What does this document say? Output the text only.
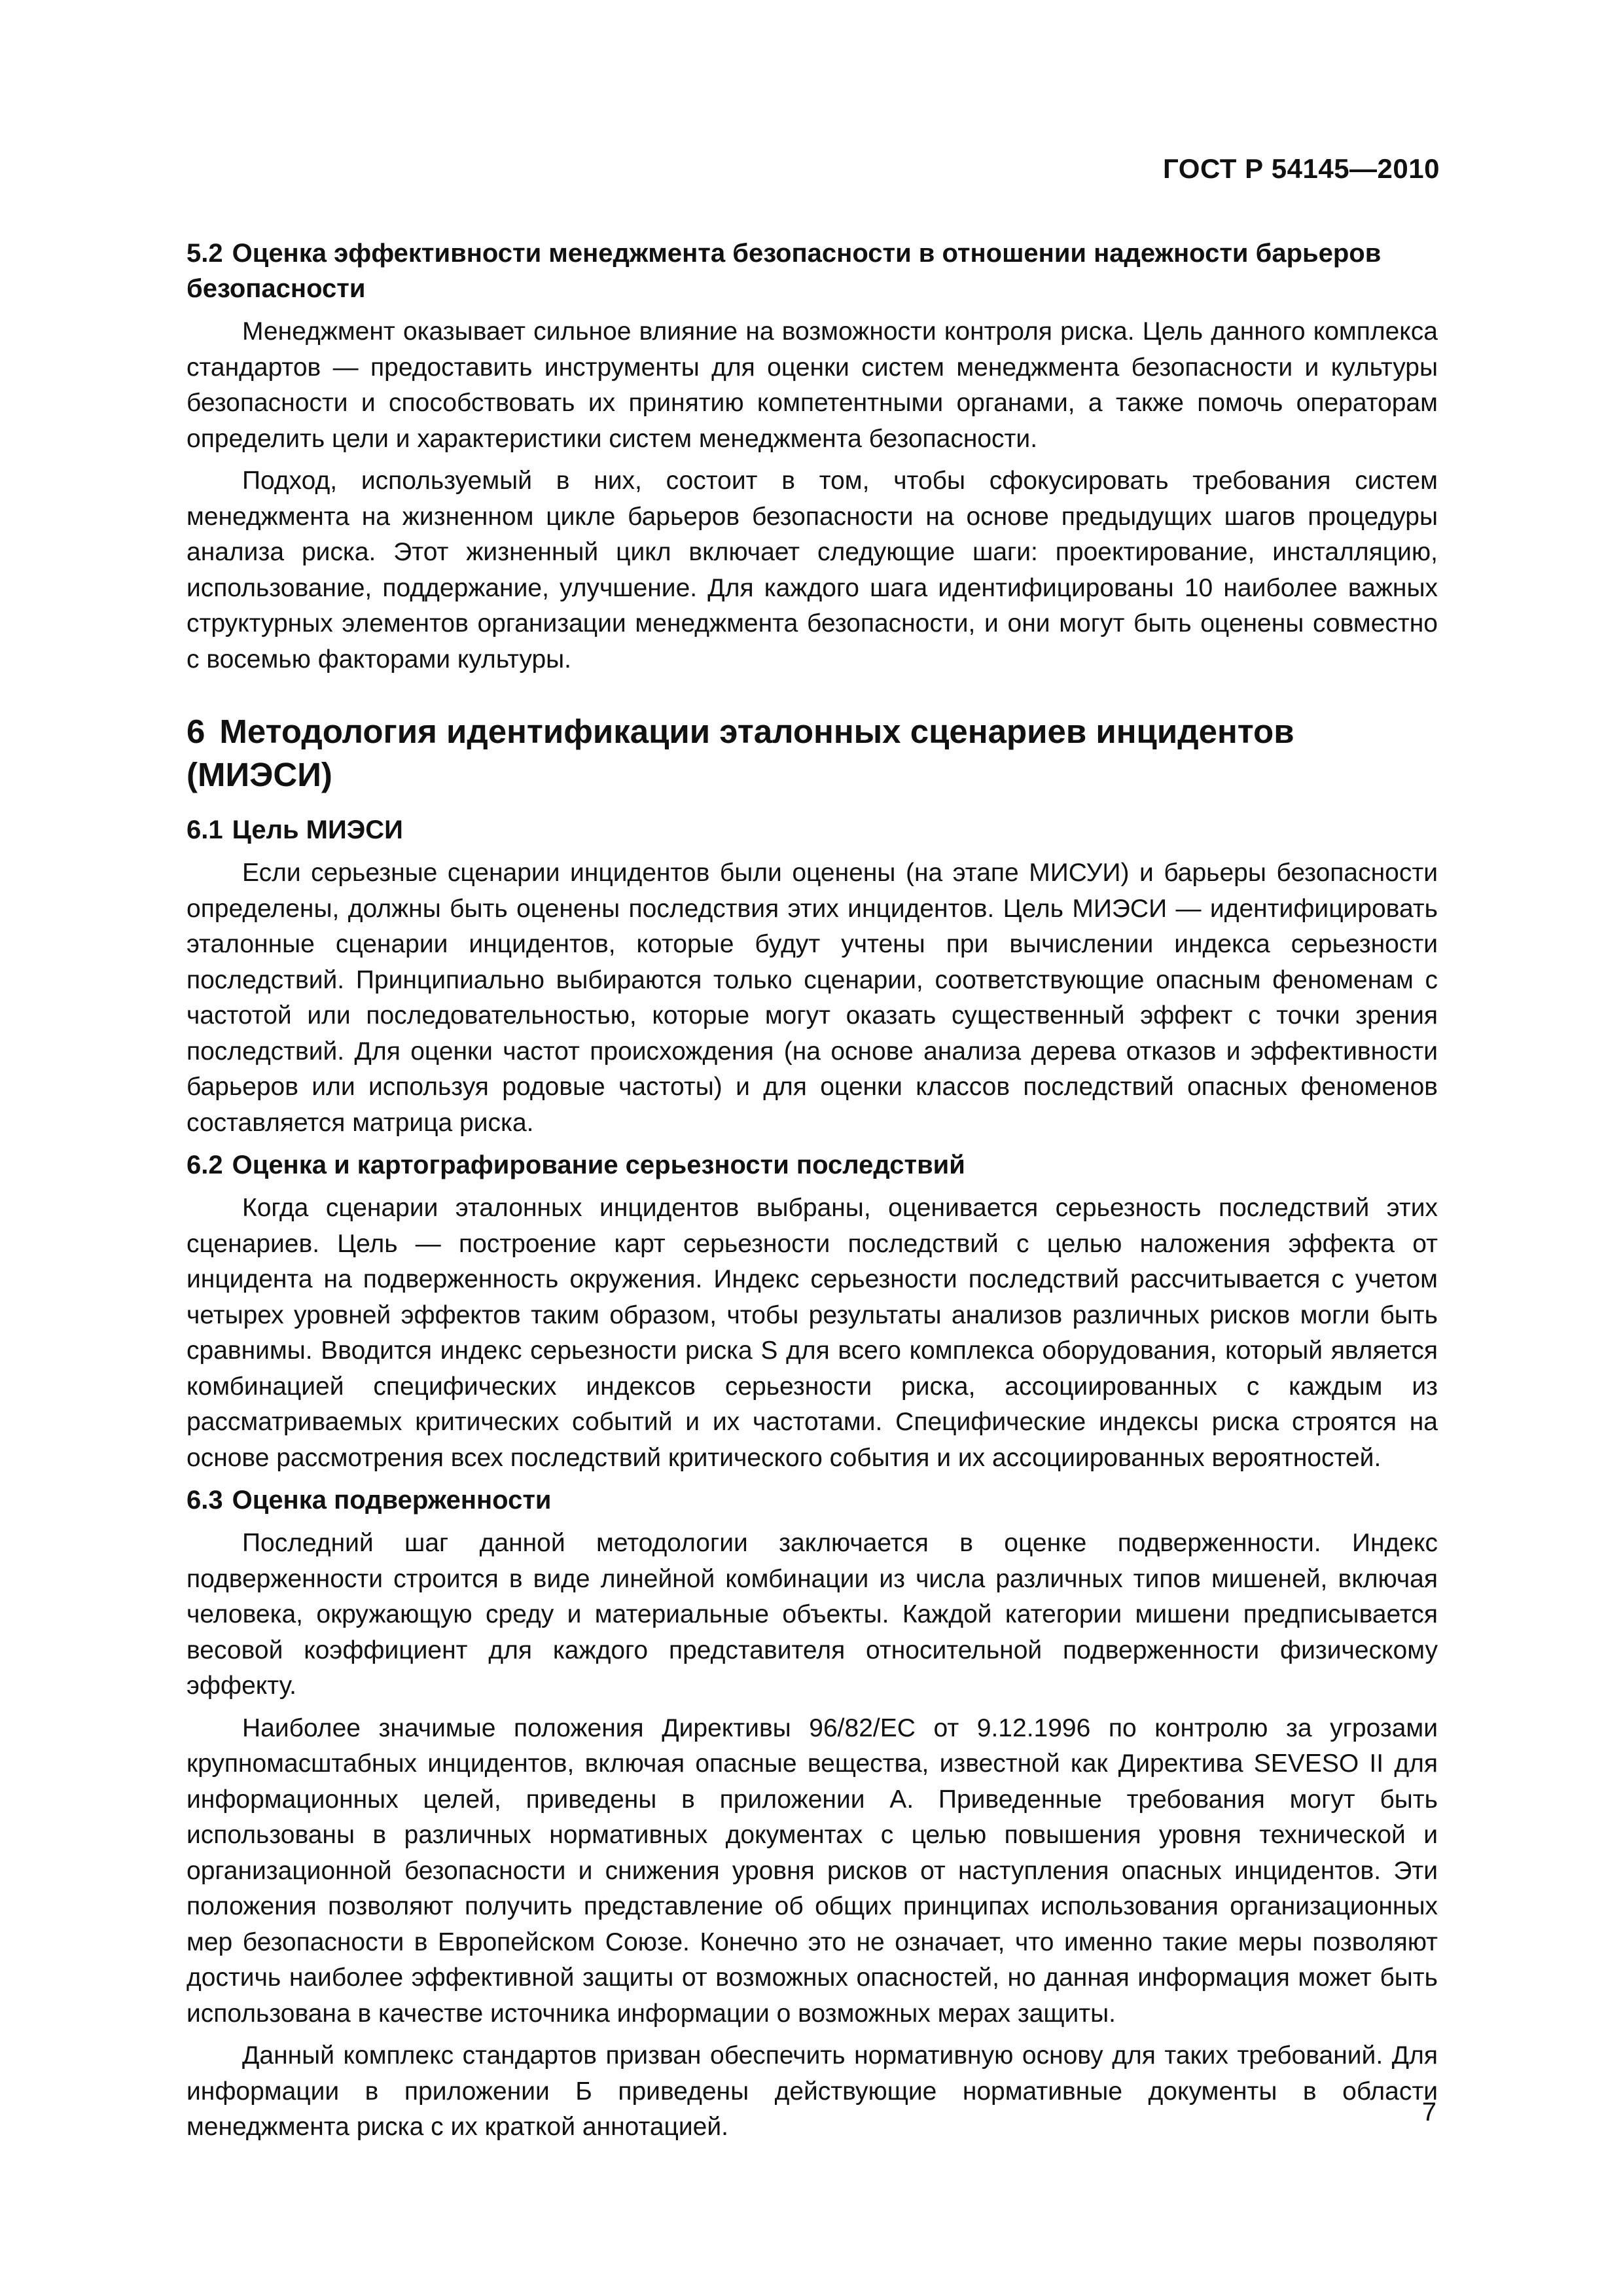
ГОСТ Р 54145—2010
5.2 Оценка эффективности менеджмента безопасности в отношении надежности барьеров безопасности

Менеджмент оказывает сильное влияние на возможности контроля риска. Цель данного комплекса стандартов — предоставить инструменты для оценки систем менеджмента безопасности и культуры безопасности и способствовать их принятию компетентными органами, а также помочь операторам определить цели и характеристики систем менеджмента безопасности.

Подход, используемый в них, состоит в том, чтобы сфокусировать требования систем менеджмента на жизненном цикле барьеров безопасности на основе предыдущих шагов процедуры анализа риска. Этот жизненный цикл включает следующие шаги: проектирование, инсталляцию, использование, поддержание, улучшение. Для каждого шага идентифицированы 10 наиболее важных структурных элементов организации менеджмента безопасности, и они могут быть оценены совместно с восемью факторами культуры.

6 Методология идентификации эталонных сценариев инцидентов (МИЭСИ)
6.1 Цель МИЭСИ

Если серьезные сценарии инцидентов были оценены (на этапе МИСУИ) и барьеры безопасности определены, должны быть оценены последствия этих инцидентов. Цель МИЭСИ — идентифицировать эталонные сценарии инцидентов, которые будут учтены при вычислении индекса серьезности последствий. Принципиально выбираются только сценарии, соответствующие опасным феноменам с частотой или последовательностью, которые могут оказать существенный эффект с точки зрения последствий. Для оценки частот происхождения (на основе анализа дерева отказов и эффективности барьеров или используя родовые частоты) и для оценки классов последствий опасных феноменов составляется матрица риска.

6.2 Оценка и картографирование серьезности последствий

Когда сценарии эталонных инцидентов выбраны, оценивается серьезность последствий этих сценариев. Цель — построение карт серьезности последствий с целью наложения эффекта от инцидента на подверженность окружения. Индекс серьезности последствий рассчитывается с учетом четырех уровней эффектов таким образом, чтобы результаты анализов различных рисков могли быть сравнимы. Вводится индекс серьезности риска S для всего комплекса оборудования, который является комбинацией специфических индексов серьезности риска, ассоциированных с каждым из рассматриваемых критических событий и их частотами. Специфические индексы риска строятся на основе рассмотрения всех последствий критического события и их ассоциированных вероятностей.

6.3 Оценка подверженности

Последний шаг данной методологии заключается в оценке подверженности. Индекс подверженности строится в виде линейной комбинации из числа различных типов мишеней, включая человека, окружающую среду и материальные объекты. Каждой категории мишени предписывается весовой коэффициент для каждого представителя относительной подверженности физическому эффекту.

Наиболее значимые положения Директивы 96/82/ЕС от 9.12.1996 по контролю за угрозами крупномасштабных инцидентов, включая опасные вещества, известной как Директива SEVESO II для информационных целей, приведены в приложении А. Приведенные требования могут быть использованы в различных нормативных документах с целью повышения уровня технической и организационной безопасности и снижения уровня рисков от наступления опасных инцидентов. Эти положения позволяют получить представление об общих принципах использования организационных мер безопасности в Европейском Союзе. Конечно это не означает, что именно такие меры позволяют достичь наиболее эффективной защиты от возможных опасностей, но данная информация может быть использована в качестве источника информации о возможных мерах защиты.

Данный комплекс стандартов призван обеспечить нормативную основу для таких требований. Для информации в приложении Б приведены действующие нормативные документы в области менеджмента риска с их краткой аннотацией.

7
